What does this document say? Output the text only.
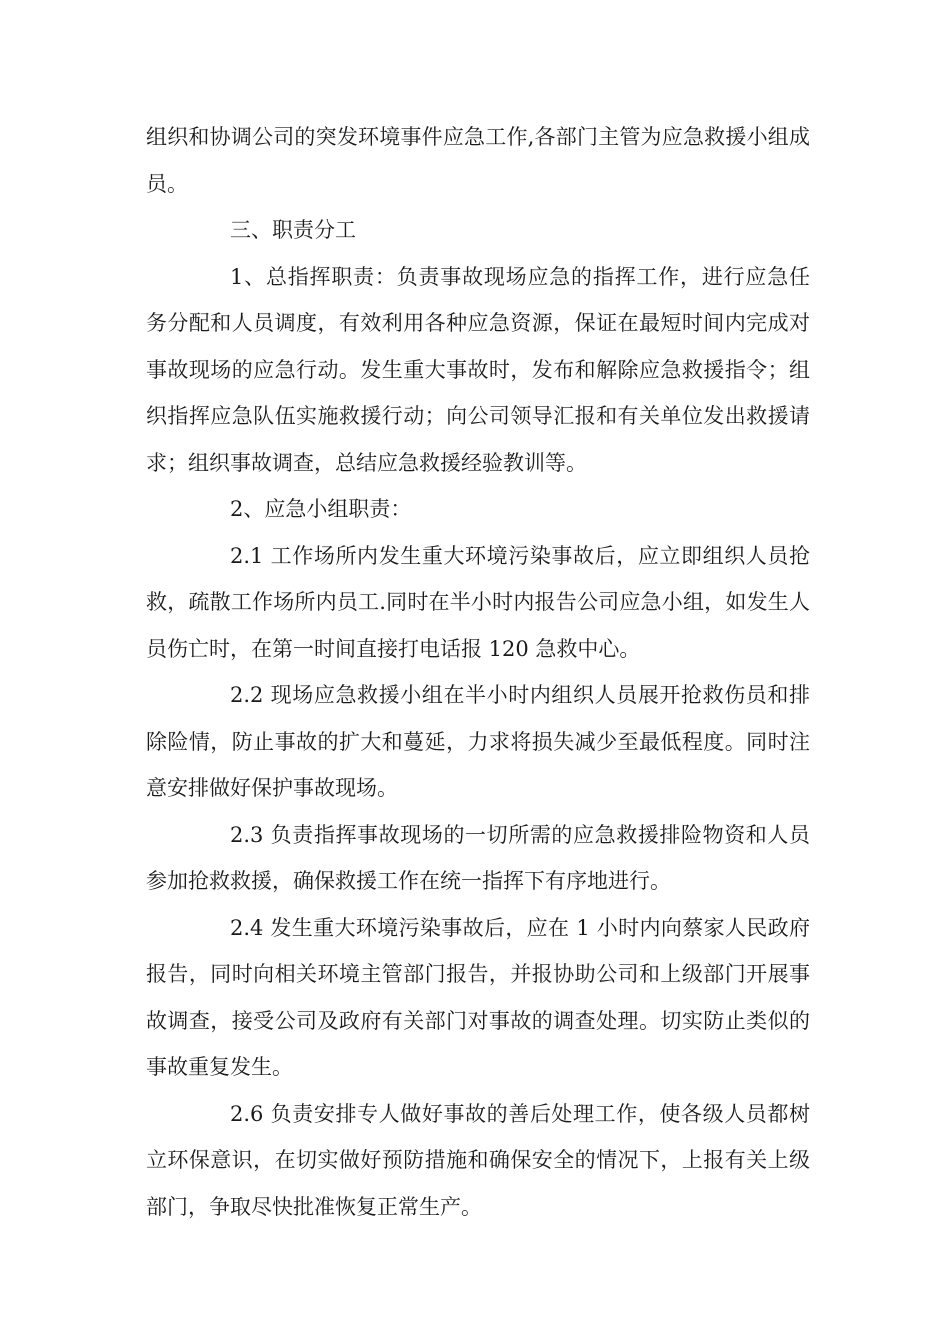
组织和协调公司的突发环境事件应急工作,各部门主管为应急救援小组成员。

三、职责分工

1、总指挥职责：负责事故现场应急的指挥工作，进行应急任务分配和人员调度，有效利用各种应急资源，保证在最短时间内完成对事故现场的应急行动。发生重大事故时，发布和解除应急救援指令；组织指挥应急队伍实施救援行动；向公司领导汇报和有关单位发出救援请求；组织事故调查，总结应急救援经验教训等。

2、应急小组职责：

2.1 工作场所内发生重大环境污染事故后，应立即组织人员抢救，疏散工作场所内员工.同时在半小时内报告公司应急小组，如发生人员伤亡时，在第一时间直接打电话报 120 急救中心。

2.2 现场应急救援小组在半小时内组织人员展开抢救伤员和排除险情，防止事故的扩大和蔓延，力求将损失减少至最低程度。同时注意安排做好保护事故现场。

2.3 负责指挥事故现场的一切所需的应急救援排险物资和人员参加抢救救援，确保救援工作在统一指挥下有序地进行。

2.4 发生重大环境污染事故后，应在 1 小时内向蔡家人民政府报告，同时向相关环境主管部门报告，并报协助公司和上级部门开展事故调查，接受公司及政府有关部门对事故的调查处理。切实防止类似的事故重复发生。

2.6 负责安排专人做好事故的善后处理工作，使各级人员都树立环保意识，在切实做好预防措施和确保安全的情况下，上报有关上级部门，争取尽快批准恢复正常生产。
